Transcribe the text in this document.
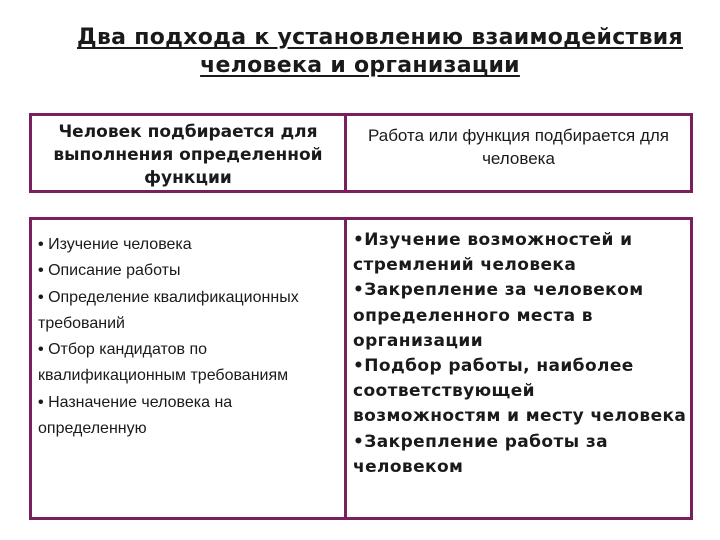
Два подхода к установлению взаимодействия
человека и организации
Человек подбирается для выполнения определенной функции
Работа или функция подбирается для человека
• Изучение человека
• Описание работы
• Определение квалификационных требований
• Отбор кандидатов по квалификационным требованиям
• Назначение человека на определенную
•Изучение возможностей и стремлений человека
•Закрепление за человеком определенного места в организации
•Подбор работы, наиболее соответствующей возможностям и месту человека
•Закрепление работы за человеком
